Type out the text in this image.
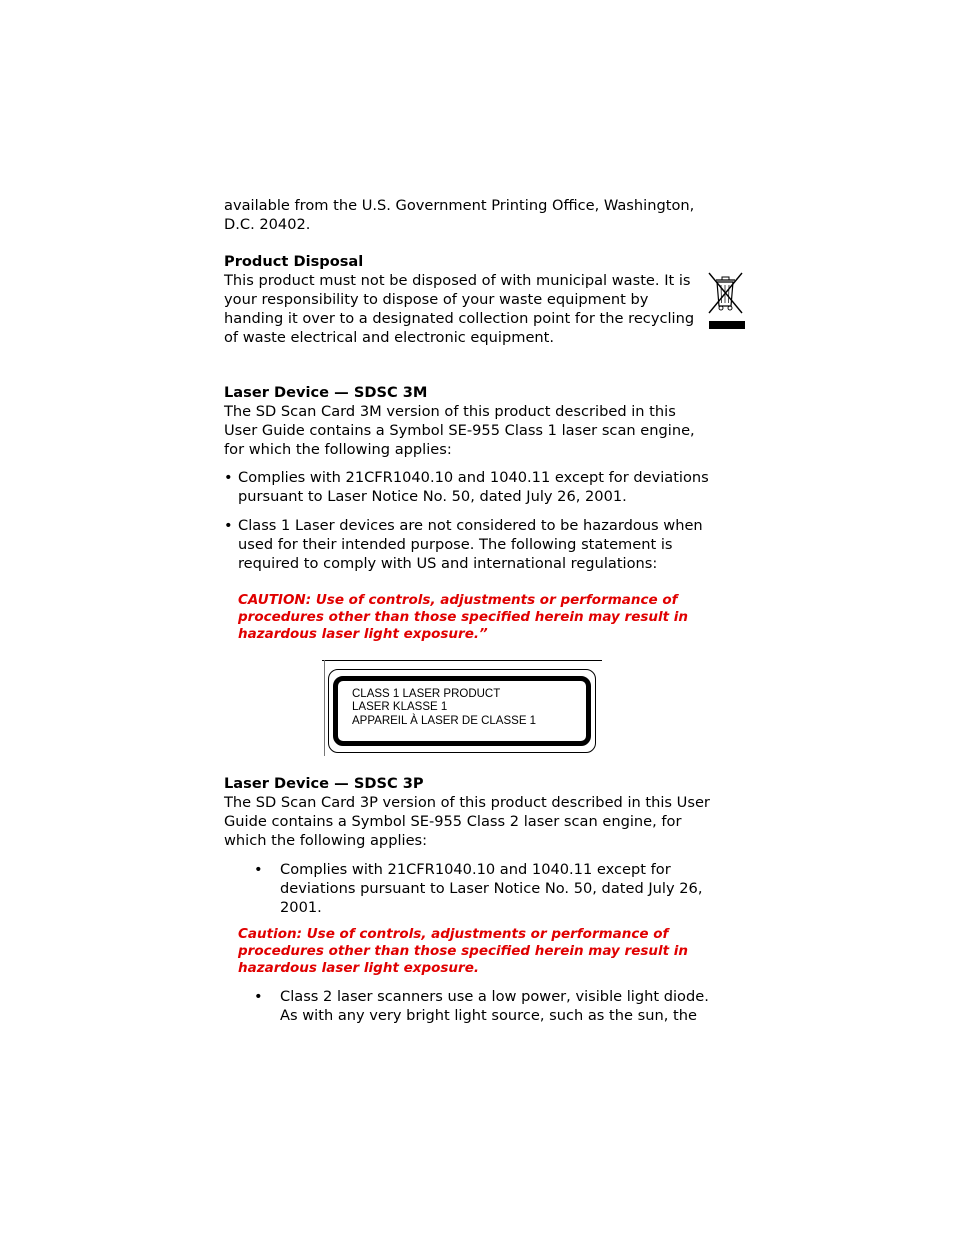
available from the U.S. Government Printing Office, Washington,
D.C. 20402.

Product Disposal

This product must not be disposed of with municipal waste. It is
your responsibility to dispose of your waste equipment by
handing it over to a designated collection point for the recycling
of waste electrical and electronic equipment.

Laser Device — SDSC 3M

The SD Scan Card 3M version of this product described in this
User Guide contains a Symbol SE-955 Class 1 laser scan engine,
for which the following applies:
• Complies with 21CFR1040.10 and 1040.11 except for deviations
pursuant to Laser Notice No. 50, dated July 26, 2001.
• Class 1 Laser devices are not considered to be hazardous when
used for their intended purpose. The following statement is
required to comply with US and international regulations:
CAUTION: Use of controls, adjustments or performance of
procedures other than those specified herein may result in
hazardous laser light exposure.”
CLASS 1 LASER PRODUCT
LASER KLASSE 1
APPAREIL À LASER DE CLASSE 1

Laser Device — SDSC 3P

The SD Scan Card 3P version of this product described in this User
Guide contains a Symbol SE-955 Class 2 laser scan engine, for
which the following applies:
• Complies with 21CFR1040.10 and 1040.11 except for
deviations pursuant to Laser Notice No. 50, dated July 26,
2001.
Caution: Use of controls, adjustments or performance of
procedures other than those specified herein may result in
hazardous laser light exposure.
• Class 2 laser scanners use a low power, visible light diode.
As with any very bright light source, such as the sun, the
